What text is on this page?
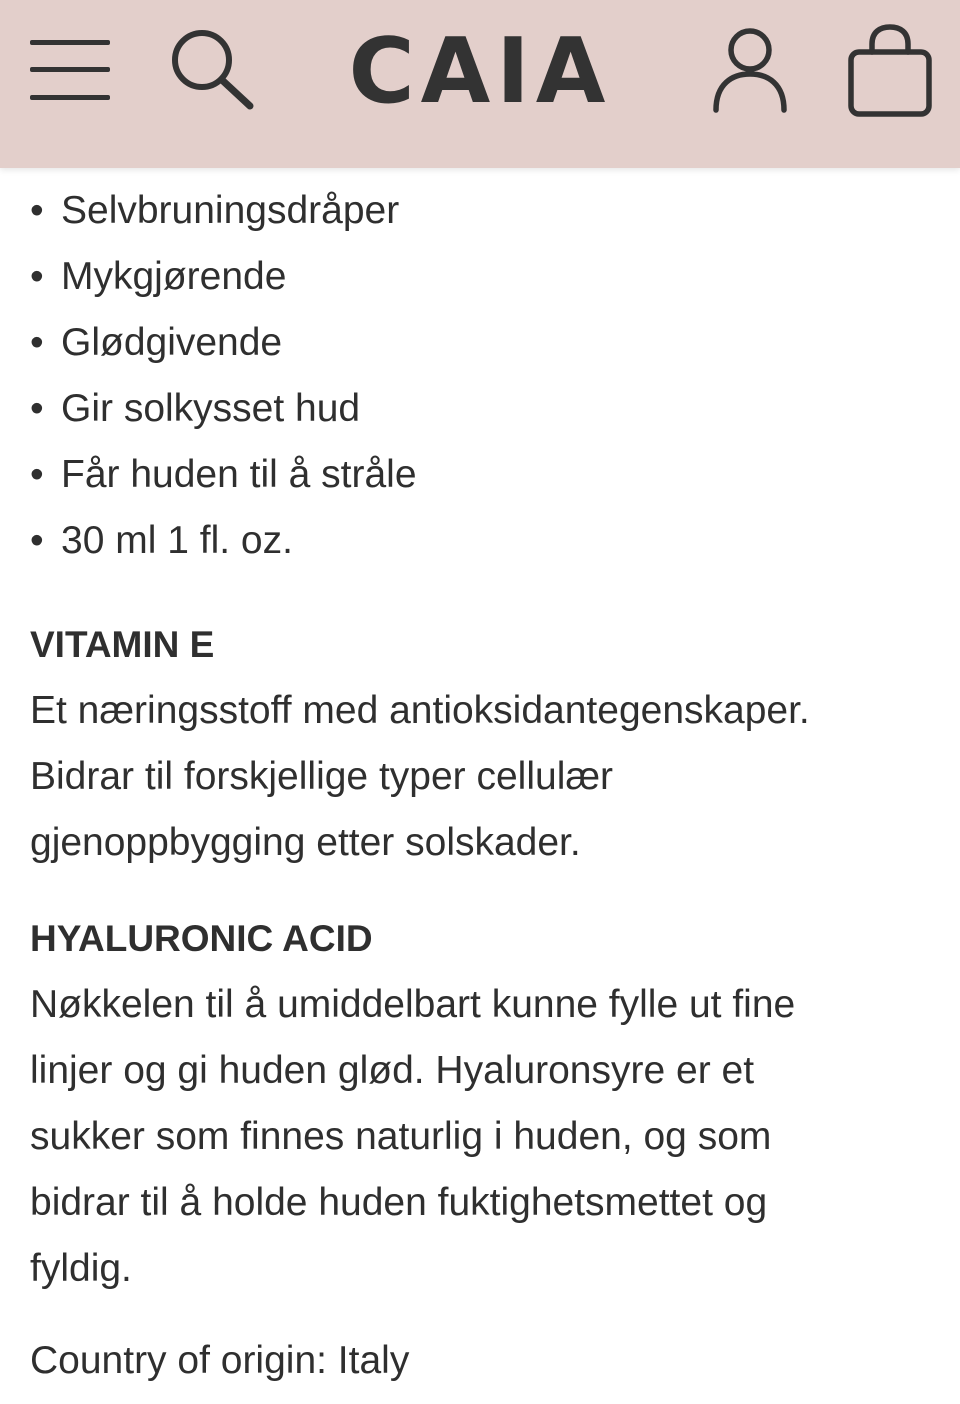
CAIA
• Selvbruningsdråper
• Mykgjørende
• Glødgivende
• Gir solkysset hud
• Får huden til å stråle
• 30 ml 1 fl. oz.
VITAMIN E

Et næringsstoff med antioksidantegenskaper.
Bidrar til forskjellige typer cellulær
gjenoppbygging etter solskader.

HYALURONIC ACID

Nøkkelen til å umiddelbart kunne fylle ut fine
linjer og gi huden glød. Hyaluronsyre er et
sukker som finnes naturlig i huden, og som
bidrar til å holde huden fuktighetsmettet og
fyldig.

Country of origin: Italy
